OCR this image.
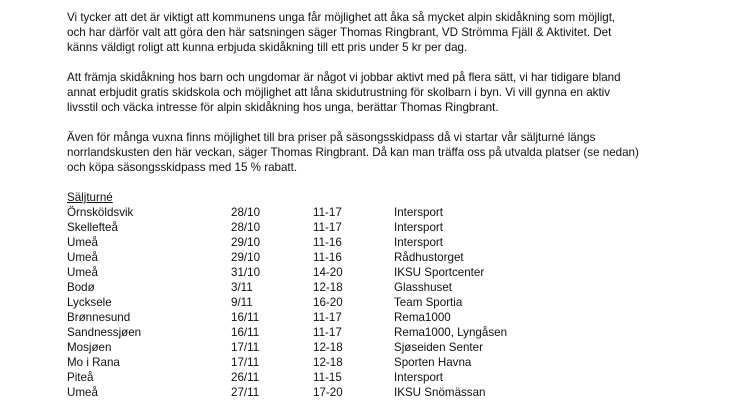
Vi tycker att det är viktigt att kommunens unga får möjlighet att åka så mycket alpin skidåkning som möjligt,
och har därför valt att göra den här satsningen säger Thomas Ringbrant, VD Strömma Fjäll & Aktivitet. Det
känns väldigt roligt att kunna erbjuda skidåkning till ett pris under 5 kr per dag.
Att främja skidåkning hos barn och ungdomar är något vi jobbar aktivt med på flera sätt, vi har tidigare bland
annat erbjudit gratis skidskola och möjlighet att låna skidutrustning för skolbarn i byn. Vi vill gynna en aktiv
livsstil och väcka intresse för alpin skidåkning hos unga, berättar Thomas Ringbrant.
Även för många vuxna finns möjlighet till bra priser på säsongsskidpass då vi startar vår säljturné längs
norrlandskusten den här veckan, säger Thomas Ringbrant. Då kan man träffa oss på utvalda platser (se nedan)
och köpa säsongsskidpass med 15 % rabatt.
Säljturné
Örnsköldsvik	28/10	11-17	Intersport
Skellefteå	28/10	11-17	Intersport
Umeå	29/10	11-16	Intersport
Umeå	29/10	11-16	Rådhustorget
Umeå	31/10	14-20	IKSU Sportcenter
Bodø	3/11	12-18	Glasshuset
Lycksele	9/11	16-20	Team Sportia
Brønnesund	16/11	11-17	Rema1000
Sandnessjøen	16/11	11-17	Rema1000, Lyngåsen
Mosjøen	17/11	12-18	Sjøseiden Senter
Mo i Rana	17/11	12-18	Sporten Havna
Piteå	26/11	11-15	Intersport
Umeå	27/11	17-20	IKSU Snömässan
